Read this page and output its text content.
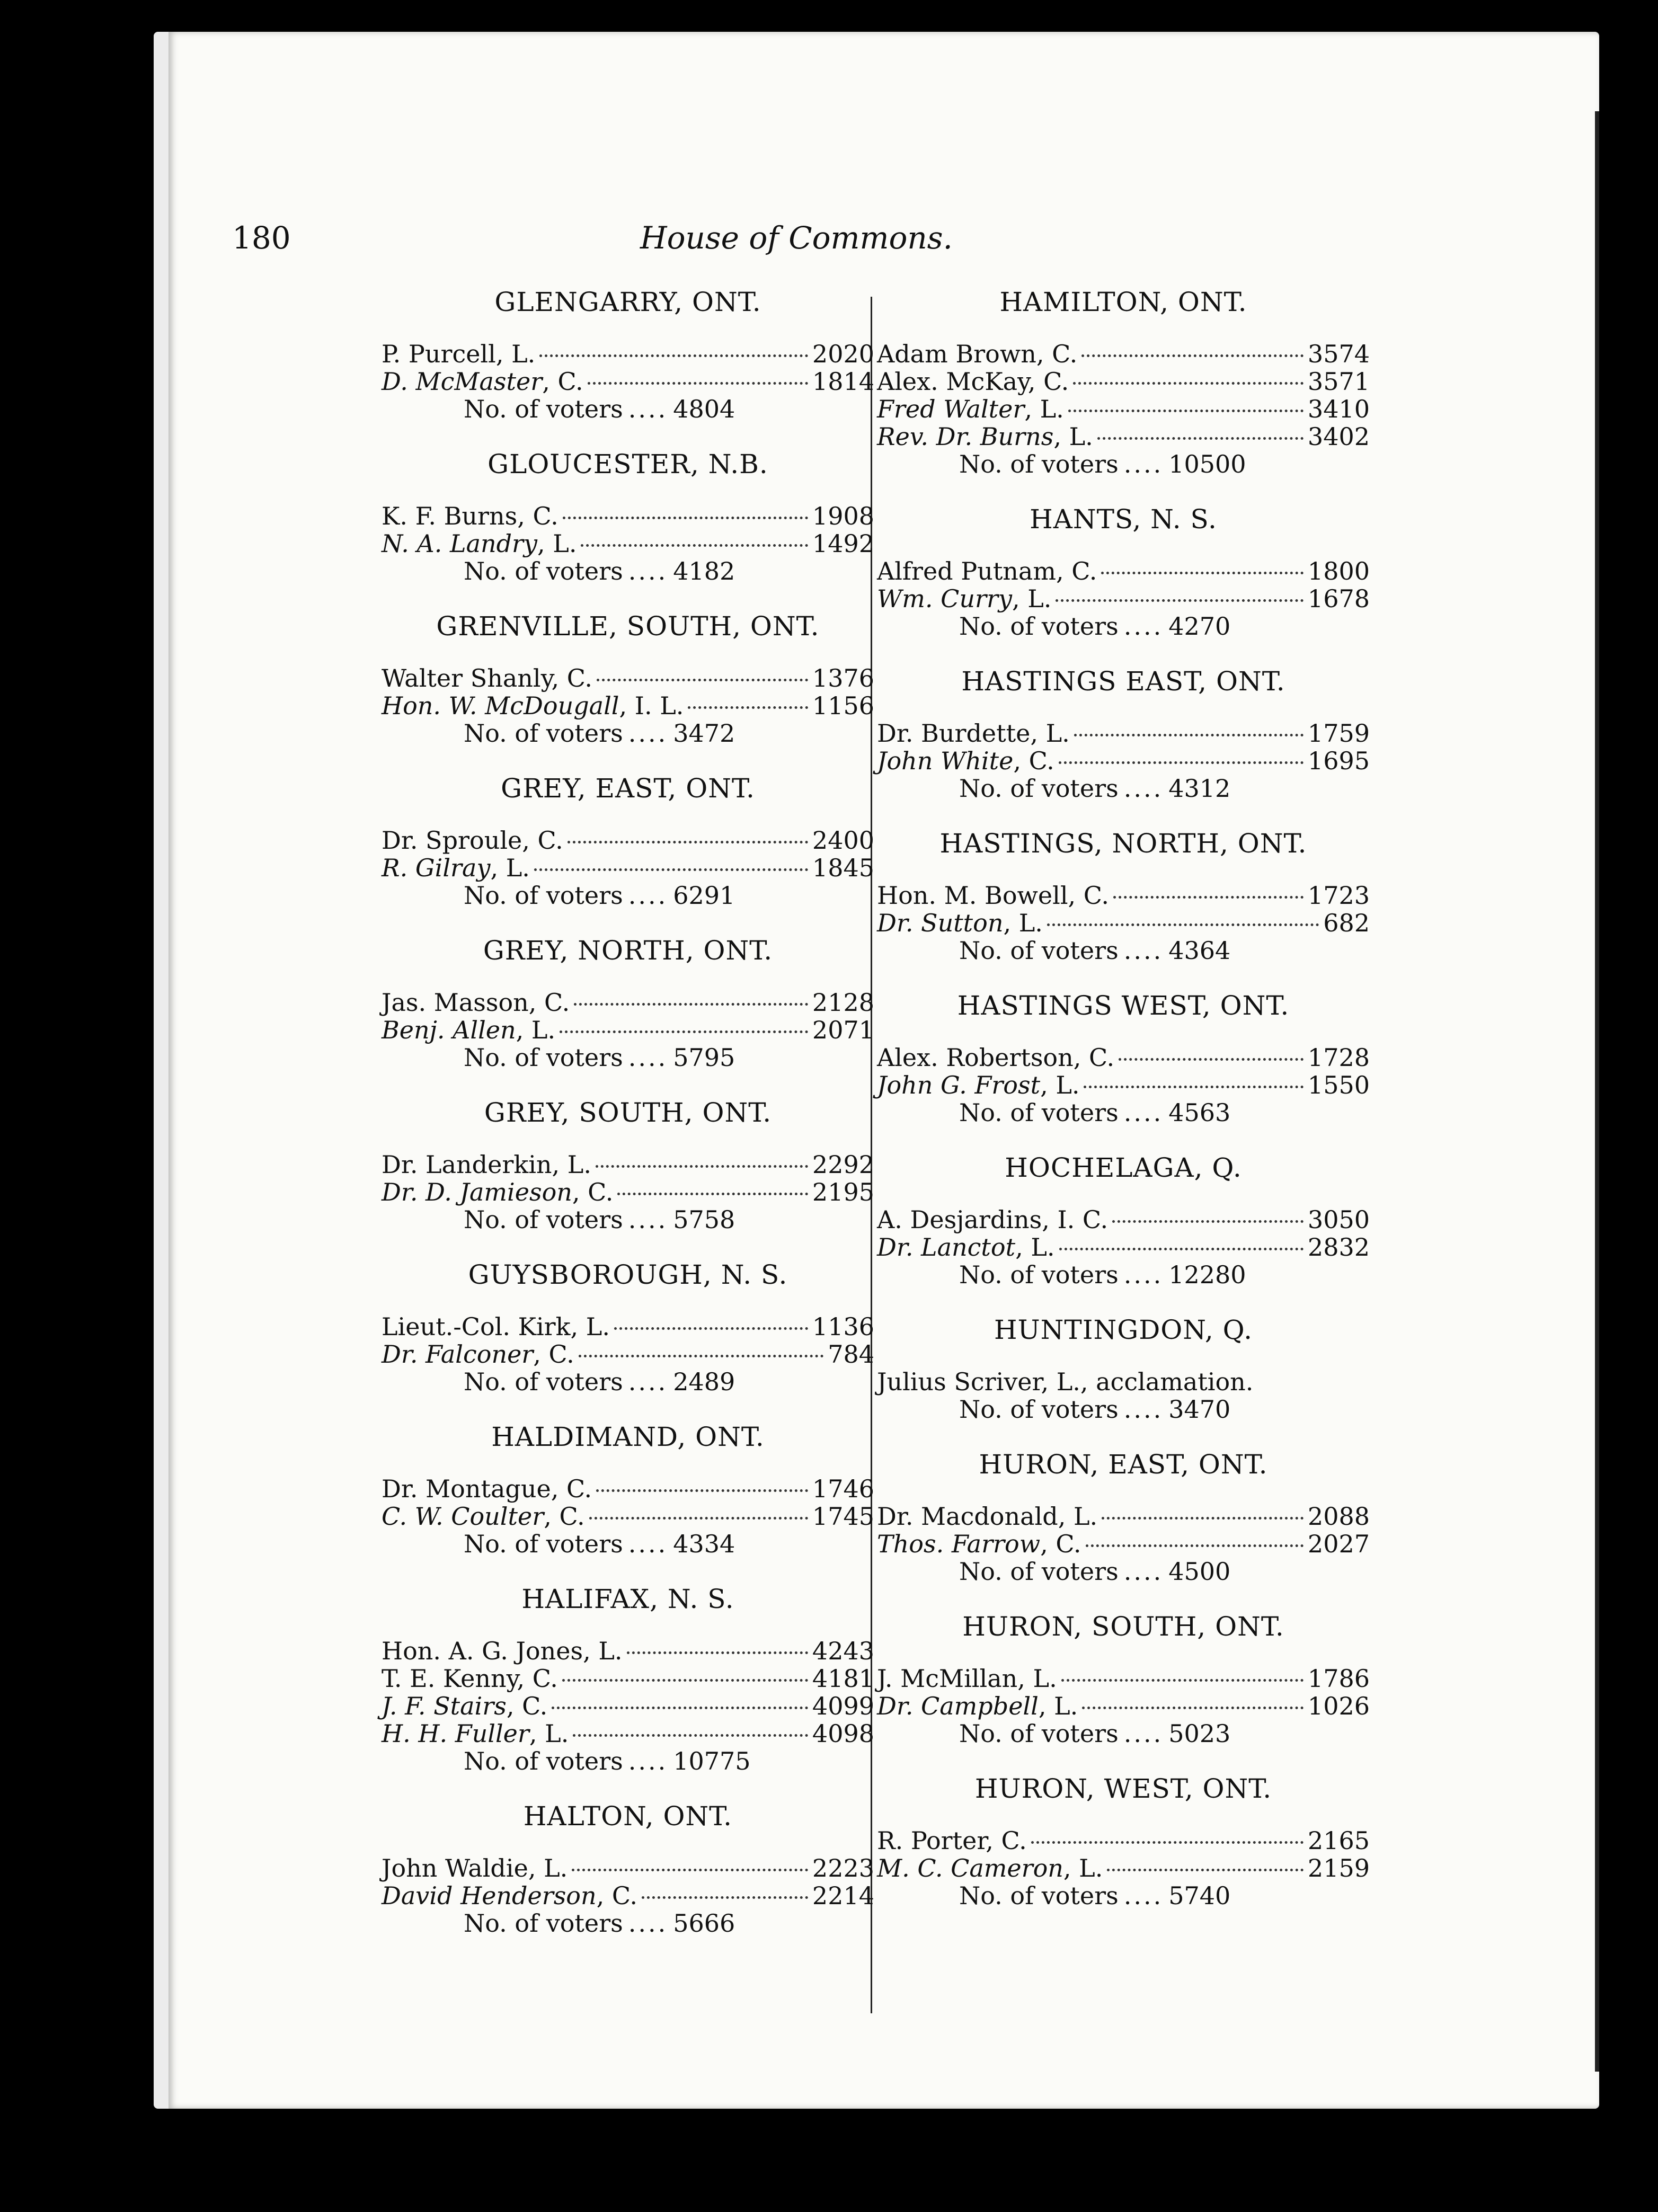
180	House of Commons.
GLENGARRY, ONT.
P. Purcell, L.	2020
D. McMaster, C.	1814
No. of voters .... 4804
GLOUCESTER, N.B.
K. F. Burns, C.	1908
N. A. Landry, L.	1492
No. of voters .... 4182
GRENVILLE, SOUTH, ONT.
Walter Shanly, C.	1376
Hon. W. McDougall, I. L.	1156
No. of voters .... 3472
GREY, EAST, ONT.
Dr. Sproule, C.	2400
R. Gilray, L.	1845
No. of voters .... 6291
GREY, NORTH, ONT.
Jas. Masson, C.	2128
Benj. Allen, L.	2071
No. of voters .... 5795
GREY, SOUTH, ONT.
Dr. Landerkin, L.	2292
Dr. D. Jamieson, C.	2195
No. of voters .... 5758
GUYSBOROUGH, N. S.
Lieut.-Col. Kirk, L.	1136
Dr. Falconer, C.	784
No. of voters .... 2489
HALDIMAND, ONT.
Dr. Montague, C.	1746
C. W. Coulter, C.	1745
No. of voters .... 4334
HALIFAX, N. S.
Hon. A. G. Jones, L.	4243
T. E. Kenny, C.	4181
J. F. Stairs, C.	4099
H. H. Fuller, L.	4098
No. of voters .... 10775
HALTON, ONT.
John Waldie, L.	2223
David Henderson, C.	2214
No. of voters .... 5666
HAMILTON, ONT.
Adam Brown, C.	3574
Alex. McKay, C.	3571
Fred Walter, L.	3410
Rev. Dr. Burns, L.	3402
No. of voters .... 10500
HANTS, N. S.
Alfred Putnam, C.	1800
Wm. Curry, L.	1678
No. of voters .... 4270
HASTINGS EAST, ONT.
Dr. Burdette, L.	1759
John White, C.	1695
No. of voters .... 4312
HASTINGS, NORTH, ONT.
Hon. M. Bowell, C.	1723
Dr. Sutton, L.	682
No. of voters .... 4364
HASTINGS WEST, ONT.
Alex. Robertson, C.	1728
John G. Frost, L.	1550
No. of voters .... 4563
HOCHELAGA, Q.
A. Desjardins, I. C.	3050
Dr. Lanctot, L.	2832
No. of voters .... 12280
HUNTINGDON, Q.
Julius Scriver, L., acclamation.
No. of voters .... 3470
HURON, EAST, ONT.
Dr. Macdonald, L.	2088
Thos. Farrow, C.	2027
No. of voters .... 4500
HURON, SOUTH, ONT.
J. McMillan, L.	1786
Dr. Campbell, L.	1026
No. of voters .... 5023
HURON, WEST, ONT.
R. Porter, C.	2165
M. C. Cameron, L.	2159
No. of voters .... 5740
